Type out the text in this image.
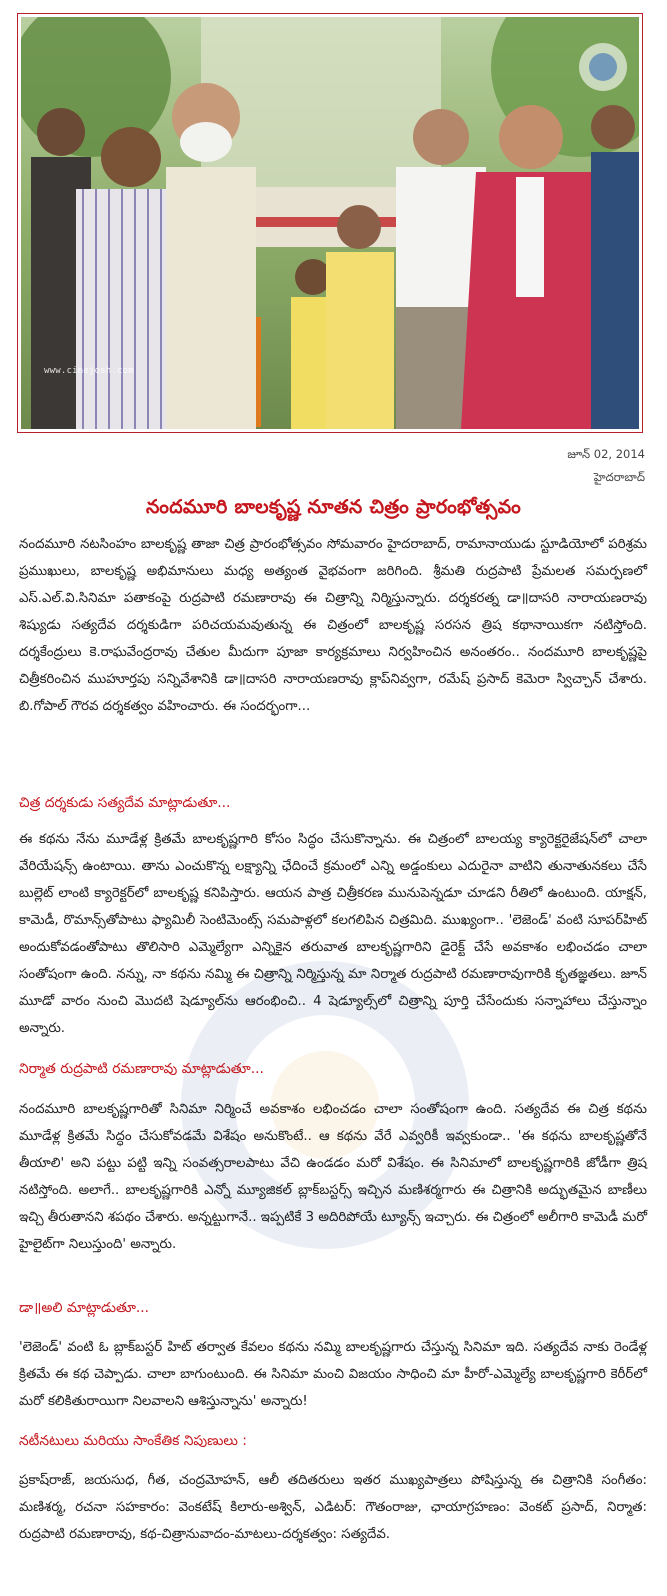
www.cinejosh.com
జూన్ 02, 2014
హైదరాబాద్
నందమూరి బాలకృష్ణ నూతన చిత్రం ప్రారంభోత్సవం
నందమూరి నటసింహం బాలకృష్ణ తాజా చిత్ర ప్రారంభోత్సవం సోమవారం హైదరాబాద్, రామానాయుడు స్టూడియోలో పరిశ్రమ ప్రముఖులు, బాలకృష్ణ అభిమానులు మధ్య అత్యంత వైభవంగా జరిగింది. శ్రీమతి రుద్రపాటి ప్రేమలత సమర్పణలో ఎస్.ఎల్.వి.సినిమా పతాకంపై రుద్రపాటి రమణారావు ఈ చిత్రాన్ని నిర్మిస్తున్నారు. దర్శకరత్న డా॥దాసరి నారాయణరావు శిష్యుడు సత్యదేవ దర్శకుడిగా పరిచయమవుతున్న ఈ చిత్రంలో బాలకృష్ణ సరసన త్రిష కథానాయికగా నటిస్తోంది. దర్శకేంద్రులు కె.రాఘవేంద్రరావు చేతుల మీదుగా పూజా కార్యక్రమాలు నిర్వహించిన అనంతరం.. నందమూరి బాలకృష్ణపై చిత్రీకరించిన ముహూర్తపు సన్నివేశానికి డా॥దాసరి నారాయణరావు క్లాప్‌నివ్వగా, రమేష్ ప్రసాద్ కెమెరా స్విచ్చాన్ చేశారు. బి.గోపాల్ గౌరవ దర్శకత్వం వహించారు. ఈ సందర్భంగా...
చిత్ర దర్శకుడు సత్యదేవ మాట్లాడుతూ...
ఈ కథను నేను మూడేళ్ల క్రితమే బాలకృష్ణగారి కోసం సిద్ధం చేసుకొన్నాను. ఈ చిత్రంలో బాలయ్య క్యారెక్టరైజేషన్‌లో చాలా వేరియేషన్స్ ఉంటాయి. తాను ఎంచుకొన్న లక్ష్యాన్ని ఛేదించే క్రమంలో ఎన్ని అడ్డంకులు ఎదురైనా వాటిని తునాతునకలు చేసే బుల్లెట్ లాంటి క్యారెక్టర్‌లో బాలకృష్ణ కనిపిస్తారు. ఆయన పాత్ర చిత్రీకరణ మునుపెన్నడూ చూడని రీతిలో ఉంటుంది. యాక్షన్, కామెడీ, రొమాన్స్‌తోపాటు ఫ్యామిలీ సెంటిమెంట్స్ సమపాళ్లలో కలగలిపిన చిత్రమిది. ముఖ్యంగా.. 'లెజెండ్' వంటి సూపర్‌హిట్ అందుకోవడంతోపాటు తొలిసారి ఎమ్మెల్యేగా ఎన్నికైన తరువాత బాలకృష్ణగారిని డైరెక్ట్ చేసే అవకాశం లభించడం చాలా సంతోషంగా ఉంది. నన్ను, నా కథను నమ్మి ఈ చిత్రాన్ని నిర్మిస్తున్న మా నిర్మాత రుద్రపాటి రమణారావుగారికి కృతజ్ఞతలు. జూన్ మూడో వారం నుంచి మొదటి షెడ్యూల్‌ను ఆరంభించి.. 4 షెడ్యూల్స్‌లో చిత్రాన్ని పూర్తి చేసేందుకు సన్నాహాలు చేస్తున్నాం అన్నారు.
నిర్మాత రుద్రపాటి రమణారావు మాట్లాడుతూ...
నందమూరి బాలకృష్ణగారితో సినిమా నిర్మించే అవకాశం లభించడం చాలా సంతోషంగా ఉంది. సత్యదేవ ఈ చిత్ర కథను మూడేళ్ల క్రితమే సిద్ధం చేసుకోవడమే విశేషం అనుకొంటే.. ఆ కథను వేరే ఎవ్వరికీ ఇవ్వకుండా.. 'ఈ కథను బాలకృష్ణతోనే తీయాలి' అని పట్టు పట్టి ఇన్ని సంవత్సరాలపాటు వేచి ఉండడం మరో విశేషం. ఈ సినిమాలో బాలకృష్ణగారికి జోడీగా త్రిష నటిస్తోంది. అలాగే.. బాలకృష్ణగారికి ఎన్నో మ్యూజికల్ బ్లాక్‌బస్టర్స్ ఇచ్చిన మణిశర్మగారు ఈ చిత్రానికి అద్భుతమైన బాణీలు ఇచ్చి తీరుతానని శపథం చేశారు. అన్నట్టుగానే.. ఇప్పటికే 3 అదిరిపోయే ట్యూన్స్ ఇచ్చారు. ఈ చిత్రంలో అలీగారి కామెడీ మరో హైలైట్‌గా నిలుస్తుంది' అన్నారు.
డా॥అలి మాట్లాడుతూ...
'లెజెండ్' వంటి ఓ బ్లాక్‌బస్టర్ హిట్ తర్వాత కేవలం కథను నమ్మి బాలకృష్ణగారు చేస్తున్న సినిమా ఇది. సత్యదేవ నాకు రెండేళ్ల క్రితమే ఈ కథ చెప్పాడు. చాలా బాగుంటుంది. ఈ సినిమా మంచి విజయం సాధించి మా హీరో-ఎమ్మెల్యే బాలకృష్ణగారి కెరీర్‌లో మరో కలికితురాయిగా నిలవాలని ఆశిస్తున్నాను' అన్నారు!
నటీనటులు మరియు సాంకేతిక నిపుణులు :
ప్రకాష్‌రాజ్, జయసుధ, గీత, చంద్రమోహన్, ఆలీ తదితరులు ఇతర ముఖ్యపాత్రలు పోషిస్తున్న ఈ చిత్రానికి సంగీతం: మణిశర్మ, రచనా సహకారం: వెంకటేష్ కిలారు-అశ్విన్, ఎడిటర్: గౌతంరాజు, ఛాయాగ్రహణం: వెంకట్ ప్రసాద్, నిర్మాత: రుద్రపాటి రమణారావు, కథ-చిత్రానువాదం-మాటలు-దర్శకత్వం: సత్యదేవ.
